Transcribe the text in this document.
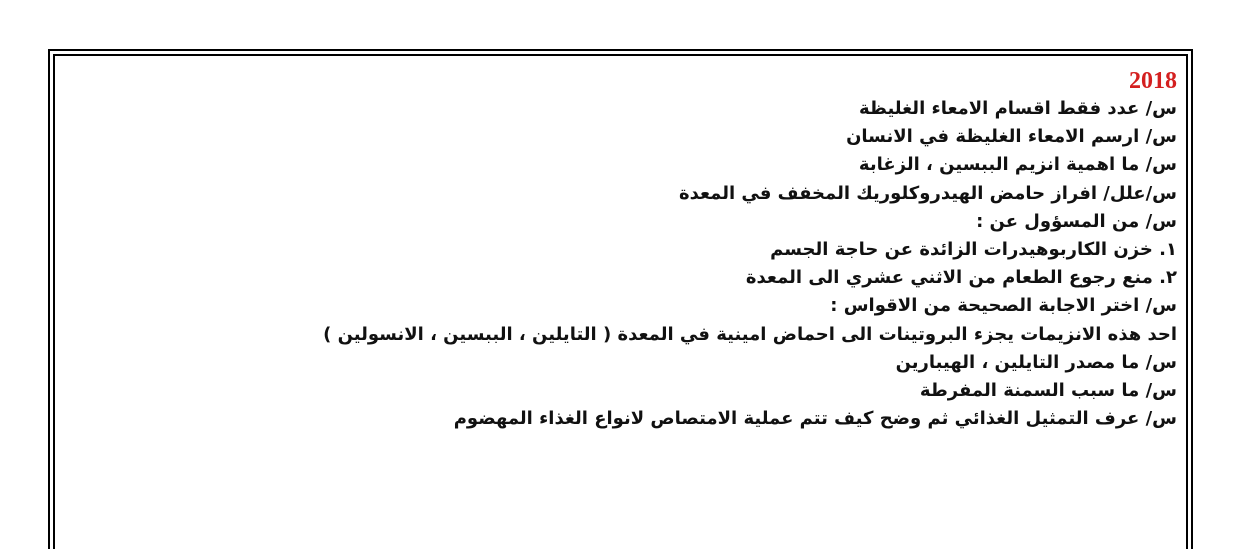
2018
س/ عدد فقط اقسام الامعاء الغليظة
س/ ارسم الامعاء الغليظة في الانسان
س/ ما اهمية انزيم الببسين ، الزغابة
س/علل/ افراز حامض الهيدروكلوريك المخفف في المعدة
س/ من المسؤول عن :
١. خزن الكاربوهيدرات الزائدة عن حاجة الجسم
٢. منع رجوع الطعام من الاثني عشري الى المعدة
س/ اختر الاجابة الصحيحة من الاقواس :
احد هذه الانزيمات يجزء البروتينات الى احماض امينية في المعدة ( التايلين ، الببسين ، الانسولين )
س/ ما مصدر التايلين ، الهيبارين
س/ ما سبب السمنة المفرطة
س/ عرف التمثيل الغذائي ثم وضح كيف تتم عملية الامتصاص لانواع الغذاء المهضوم
